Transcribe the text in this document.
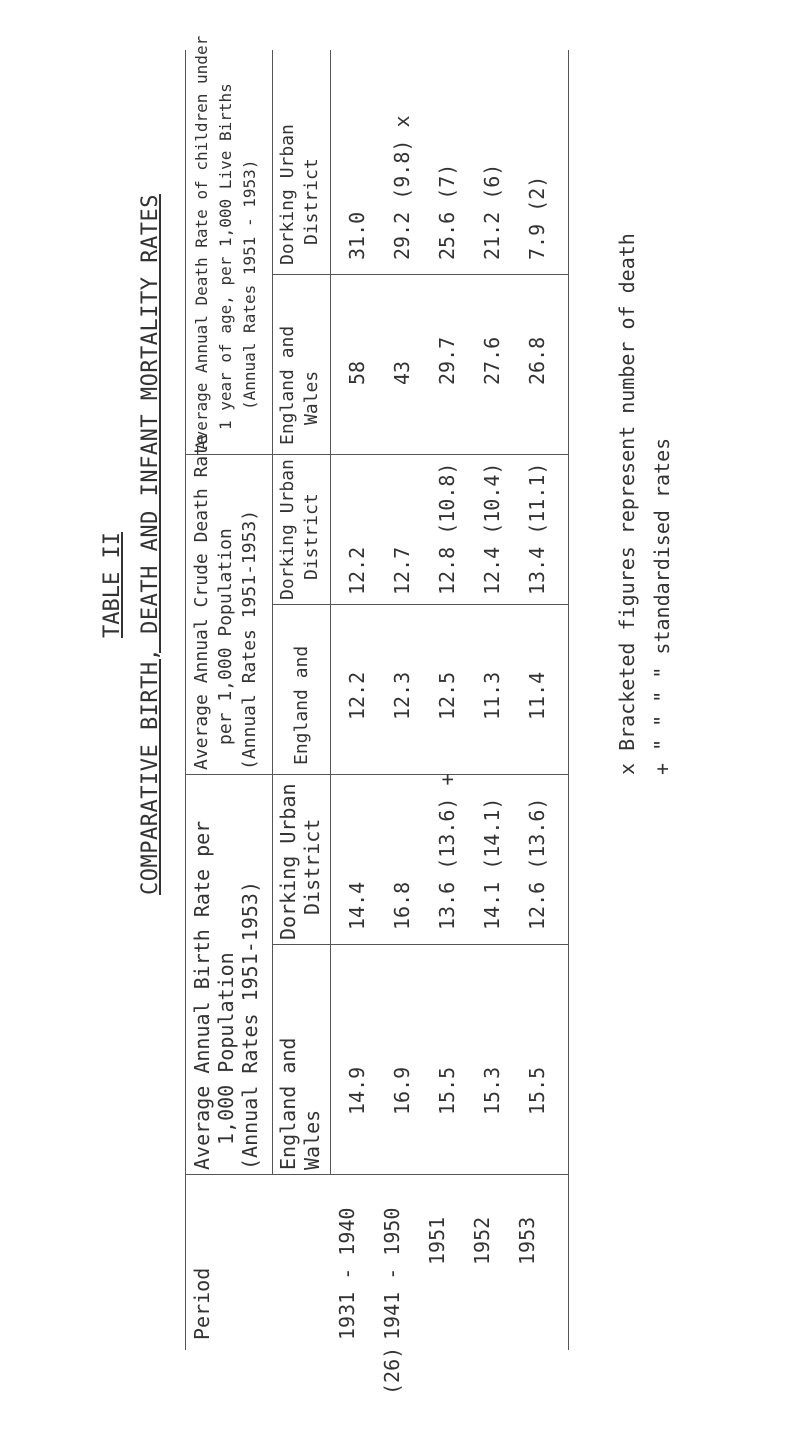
TABLE II COMPARATIVE BIRTH, DEATH AND INFANT MORTALITY RATES
Period	1931 - 1940 1941 - 1950 1951 1952 1953
Average Annual Birth Rate per 1,000 Population (Annual Rates 1951-1953) England and Wales
Dorking Urban District
14.9 16.9 15.5 15.3 15.5
14.4 16.8 13.6 (13.6) + 14.1 (14.1) 12.6 (13.6)
Average Annual Crude Death Rate per 1,000 Population (Annual Rates 1951-1953) England and
Dorking Urban District
12.2 12.3 12.5 11.3 11.4
12.2 12.7 12.8 (10.8) 12.4 (10.4) 13.4 (11.1)
Average Annual Death Rate of children under 1 year of age, per 1,000 Live Births (Annual Rates 1951 - 1953) England and Wales
Dorking Urban District
58 43 29.7 27.6 26.8
31.0 29.2 (9.8) x 25.6 (7) 21.2 (6) 7.9 (2)
x Bracketed figures represent number of death + " " " " standardised rates
(26)
